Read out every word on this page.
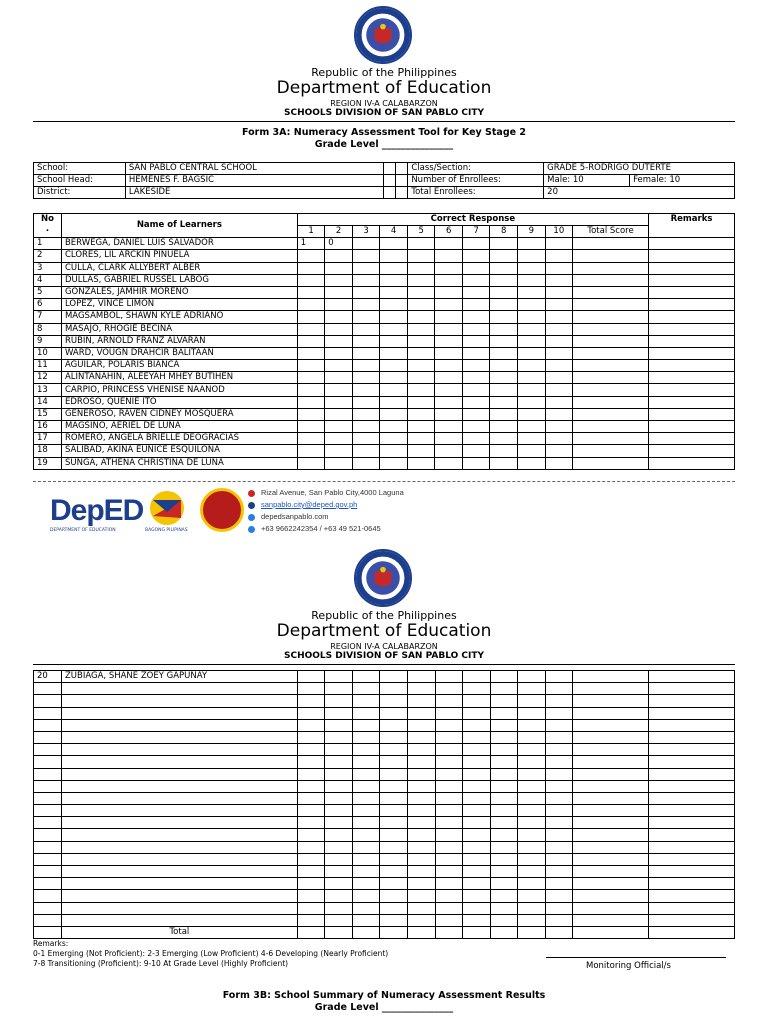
Republic of the Philippines
Department of Education
REGION IV-A CALABARZON
SCHOOLS DIVISION OF SAN PABLO CITY
Form 3A: Numeracy Assessment Tool for Key Stage 2
Grade Level _______________
School:	SAN PABLO CENTRAL SCHOOL			Class/Section:	GRADE 5-RODRIGO DUTERTE	
School Head:	HEMENES F. BAGSIC			Number of Enrollees:	Male: 10	Female: 10
District:	LAKESIDE			Total Enrollees:	20	
No
.	Name of Learners	Correct Response											Remarks
		1	2	3	4	5	6	7	8	9	10	Total Score	
1	BERWEGA, DANIEL LUIS SALVADOR	1	0										
2	CLORES, LIL ARCKIN PINUELA												
3	CULLA, CLARK ALLYBERT ALBER												
4	DULLAS, GABRIEL RUSSEL LABOG												
5	GONZALES, JAMHIR MORENO												
6	LOPEZ, VINCE LIMON												
7	MAGSAMBOL, SHAWN KYLE ADRIANO												
8	MASAJO, RHOGIE BECINA												
9	RUBIN, ARNOLD FRANZ ALVARAN												
10	WARD, VOUGN DRAHCIR BALITAAN												
11	AGUILAR, POLARIS BIANCA												
12	ALINTANAHIN, ALEEYAH MHEY BUTIHEN												
13	CARPIO, PRINCESS VHENISE NAANOD												
14	EDROSO, QUENIE ITO												
15	GENEROSO, RAVEN CIDNEY MOSQUERA												
16	MAGSINO, AERIEL DE LUNA												
17	ROMERO, ANGELA BRIELLE DEOGRACIAS												
18	SALIBAD, AKINA EUNICE ESQUILONA												
19	SUNGA, ATHENA CHRISTINA DE LUNA												
DepED
DEPARTMENT OF EDUCATION	BAGONG PILIPINAS
Rizal Avenue, San Pablo City,4000 Laguna
sanpablo.city@deped.gov.ph
depedsanpablo.com
+63 9662242354 / +63 49 521-0645
Republic of the Philippines
Department of Education
REGION IV-A CALABARZON
SCHOOLS DIVISION OF SAN PABLO CITY
20	ZUBIAGA, SHANE ZOEY GAPUNAY												

	Total												
Remarks:
0-1 Emerging (Not Proficient): 2-3 Emerging (Low Proficient) 4-6 Developing (Nearly Proficient)
7-8 Transitioning (Proficient): 9-10 At Grade Level (Highly Proficient)	Monitoring Official/s
Form 3B: School Summary of Numeracy Assessment Results
Grade Level _______________
